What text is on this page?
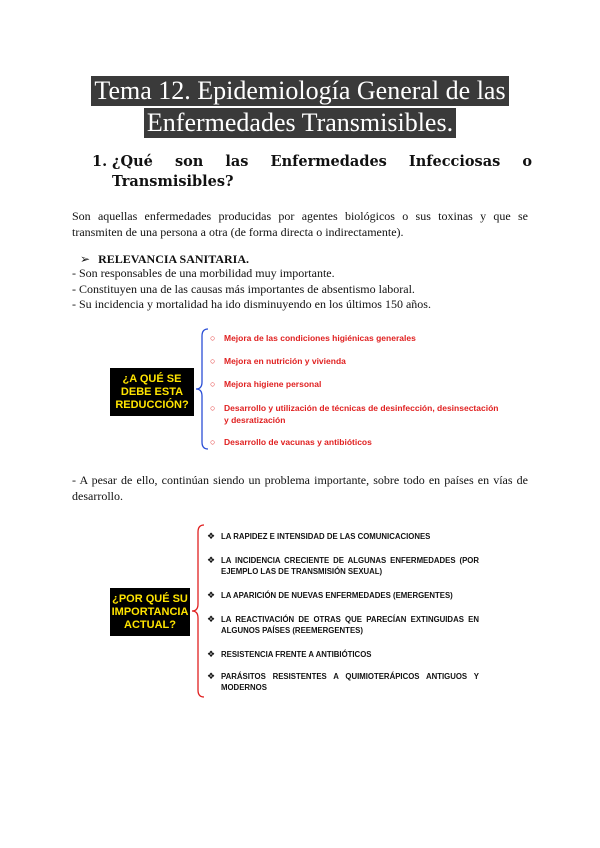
Tema 12. Epidemiología General de las
Enfermedades Transmisibles.
1. ¿Qué son las Enfermedades Infecciosas o
Transmisibles?
Son aquellas enfermedades producidas por agentes biológicos o sus toxinas y que se transmiten de una persona a otra (de forma directa o indirectamente).
➢ RELEVANCIA SANITARIA.
- Son responsables de una morbilidad muy importante.
- Constituyen una de las causas más importantes de absentismo laboral.
- Su incidencia y mortalidad ha ido disminuyendo en los últimos 150 años.
¿A QUÉ SE
DEBE ESTA
REDUCCIÓN?
○ Mejora de las condiciones higiénicas generales
○ Mejora en nutrición y vivienda
○ Mejora higiene personal
○ Desarrollo y utilización de técnicas de desinfección, desinsectación
y desratización
○ Desarrollo de vacunas y antibióticos
- A pesar de ello, continúan siendo un problema importante, sobre todo en países en vías de desarrollo.
¿POR QUÉ SU
IMPORTANCIA
ACTUAL?
❖ LA RAPIDEZ E INTENSIDAD DE LAS COMUNICACIONES
❖ LA INCIDENCIA CRECIENTE DE ALGUNAS ENFERMEDADES (POR EJEMPLO LAS DE TRANSMISIÓN SEXUAL)
❖ LA APARICIÓN DE NUEVAS ENFERMEDADES (EMERGENTES)
❖ LA REACTIVACIÓN DE OTRAS QUE PARECÍAN EXTINGUIDAS EN ALGUNOS PAÍSES (REEMERGENTES)
❖ RESISTENCIA FRENTE A ANTIBIÓTICOS
❖ PARÁSITOS RESISTENTES A QUIMIOTERÁPICOS ANTIGUOS Y MODERNOS
